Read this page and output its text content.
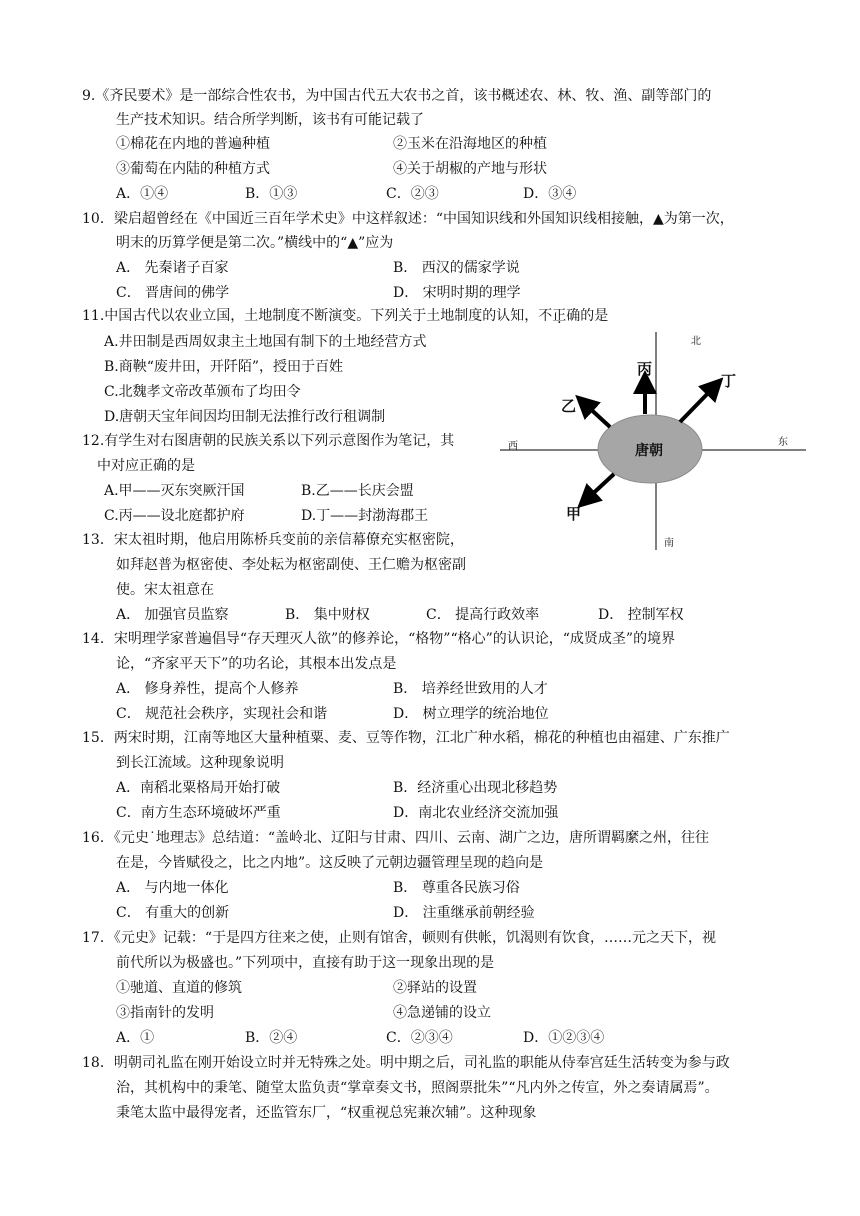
9.《齐民要术》是一部综合性农书，为中国古代五大农书之首，该书概述农、林、牧、渔、副等部门的
生产技术知识。结合所学判断，该书有可能记载了
①棉花在内地的普遍种植	②玉米在沿海地区的种植
③葡萄在内陆的种植方式	④关于胡椒的产地与形状
A．①④	B．①③	C．②③	D．③④
10．梁启超曾经在《中国近三百年学术史》中这样叙述：“中国知识线和外国知识线相接触，▲为第一次，
明末的历算学便是第二次。”横线中的“▲”应为
A． 先秦诸子百家	B． 西汉的儒家学说
C． 晋唐间的佛学	D． 宋明时期的理学
11.中国古代以农业立国，土地制度不断演变。下列关于土地制度的认知，不正确的是
A.井田制是西周奴隶主土地国有制下的土地经营方式
B.商鞅“废井田，开阡陌”，授田于百姓
C.北魏孝文帝改革颁布了均田令
D.唐朝天宝年间因均田制无法推行改行租调制
12.有学生对右图唐朝的民族关系以下列示意图作为笔记，其
中对应正确的是
A.甲——灭东突厥汗国	B.乙——长庆会盟
C.丙——设北庭都护府	D.丁——封渤海郡王
唐朝
北
南
东
西
甲
乙
丙
丁
13．宋太祖时期，他启用陈桥兵变前的亲信幕僚充实枢密院，
如拜赵普为枢密使、李处耘为枢密副使、王仁赡为枢密副
使。宋太祖意在
A． 加强官员监察	B． 集中财权	C． 提高行政效率	D． 控制军权
14．宋明理学家普遍倡导“存天理灭人欲”的修养论，“格物”“格心”的认识论，“成贤成圣”的境界
论，“齐家平天下”的功名论，其根本出发点是
A． 修身养性，提高个人修养	B． 培养经世致用的人才
C． 规范社会秩序，实现社会和谐	D． 树立理学的统治地位
15．两宋时期，江南等地区大量种植粟、麦、豆等作物，江北广种水稻，棉花的种植也由福建、广东推广
到长江流域。这种现象说明
A．南稻北粟格局开始打破	B．经济重心出现北移趋势
C．南方生态环境破坏严重	D．南北农业经济交流加强
16．《元史˙地理志》总结道：“盖岭北、辽阳与甘肃、四川、云南、湖广之边，唐所谓羁縻之州，往往
在是，今皆赋役之，比之内地”。这反映了元朝边疆管理呈现的趋向是
A． 与内地一体化	B． 尊重各民族习俗
C． 有重大的创新	D． 注重继承前朝经验
17．《元史》记载：“于是四方往来之使，止则有馆舍，顿则有供帐，饥渴则有饮食，……元之天下，视
前代所以为极盛也。”下列项中，直接有助于这一现象出现的是
①驰道、直道的修筑	②驿站的设置
③指南针的发明	④急递铺的设立
A．①	B．②④	C．②③④	D．①②③④
18．明朝司礼监在刚开始设立时并无特殊之处。明中期之后，司礼监的职能从侍奉宫廷生活转变为参与政
治，其机构中的秉笔、随堂太监负责“掌章奏文书，照阁票批朱”“凡内外之传宣，外之奏请属焉”。
秉笔太监中最得宠者，还监管东厂，“权重视总宪兼次辅”。这种现象
